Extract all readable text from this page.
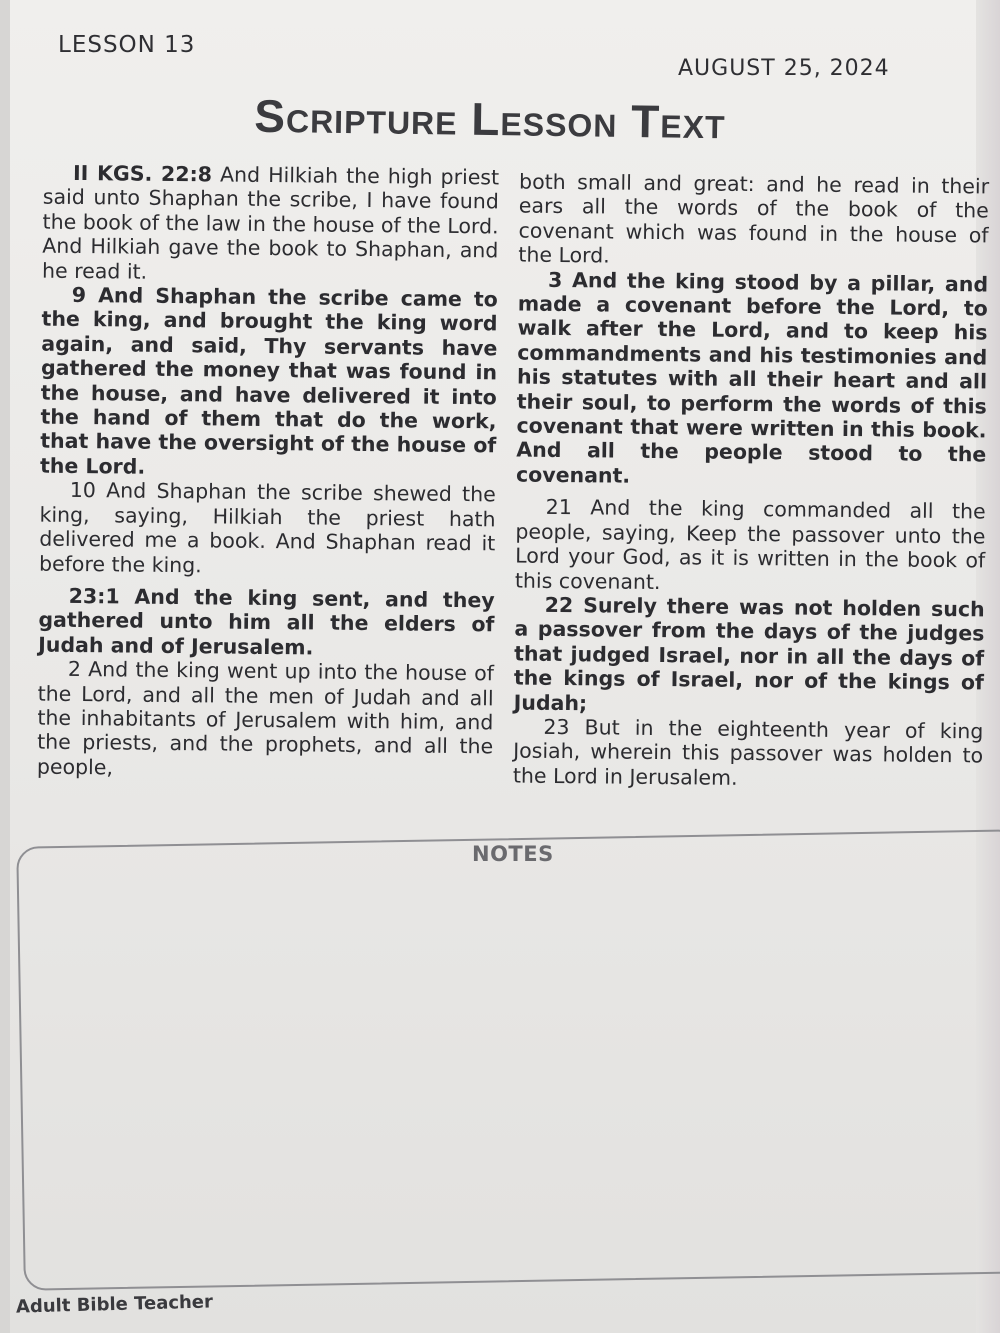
LESSON 13
AUGUST 25, 2024
Scripture Lesson Text

II KGS. 22:8 And Hilkiah the high priest said unto Shaphan the scribe, I have found the book of the law in the house of the Lord. And Hilkiah gave the book to Shaphan, and he read it.

9 And Shaphan the scribe came to the king, and brought the king word again, and said, Thy servants have gathered the money that was found in the house, and have delivered it into the hand of them that do the work, that have the oversight of the house of the Lord.

10 And Shaphan the scribe shewed the king, saying, Hilkiah the priest hath delivered me a book. And Shaphan read it before the king.

23:1 And the king sent, and they gathered unto him all the elders of Judah and of Jerusalem.

2 And the king went up into the house of the Lord, and all the men of Judah and all the inhabitants of Jerusalem with him, and the priests, and the prophets, and all the people,

both small and great: and he read in their ears all the words of the book of the covenant which was found in the house of the Lord.

3 And the king stood by a pillar, and made a covenant before the Lord, to walk after the Lord, and to keep his commandments and his testimonies and his statutes with all their heart and all their soul, to perform the words of this covenant that were written in this book. And all the people stood to the covenant.

21 And the king commanded all the people, saying, Keep the passover unto the Lord your God, as it is written in the book of this covenant.

22 Surely there was not holden such a passover from the days of the judges that judged Israel, nor in all the days of the kings of Israel, nor of the kings of Judah;

23 But in the eighteenth year of king Josiah, wherein this passover was holden to the Lord in Jerusalem.

NOTES
Adult Bible Teacher
